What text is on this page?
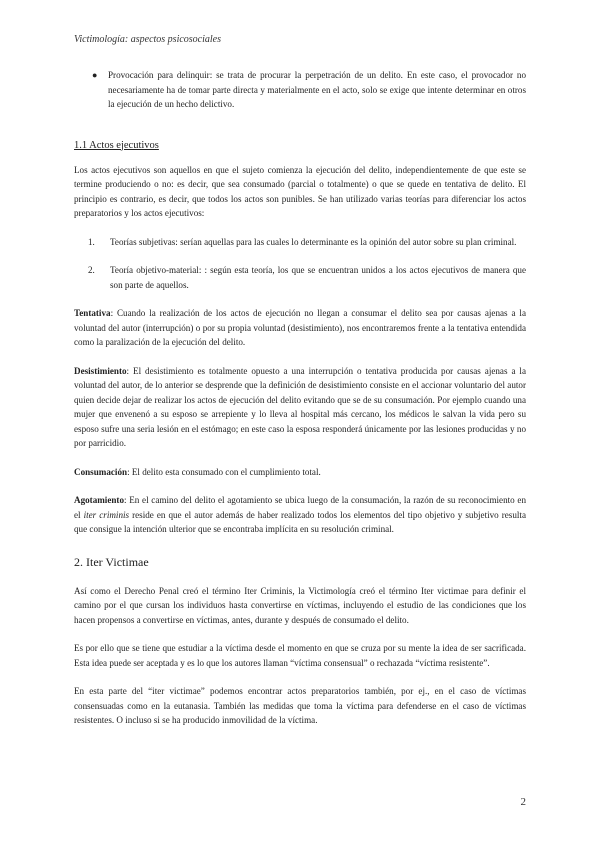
Victimología: aspectos psicosociales
●	Provocación para delinquir: se trata de procurar la perpetración de un delito. En este caso, el provocador no necesariamente ha de tomar parte directa y materialmente en el acto, solo se exige que intente determinar en otros la ejecución de un hecho delictivo.

1.1 Actos ejecutivos

Los actos ejecutivos son aquellos en que el sujeto comienza la ejecución del delito, independientemente de que este se termine produciendo o no: es decir, que sea consumado (parcial o totalmente) o que se quede en tentativa de delito. El principio es contrario, es decir, que todos los actos son punibles. Se han utilizado varias teorías para diferenciar los actos preparatorios y los actos ejecutivos:

1.	Teorías subjetivas: serían aquellas para las cuales lo determinante es la opinión del autor sobre su plan criminal.

2.	Teoría objetivo-material: : según esta teoría, los que se encuentran unidos a los actos ejecutivos de manera que son parte de aquellos.

Tentativa: Cuando la realización de los actos de ejecución no llegan a consumar el delito sea por causas ajenas a la voluntad del autor (interrupción) o por su propia voluntad (desistimiento), nos encontraremos frente a la tentativa entendida como la paralización de la ejecución del delito.

Desistimiento: El desistimiento es totalmente opuesto a una interrupción o tentativa producida por causas ajenas a la voluntad del autor, de lo anterior se desprende que la definición de desistimiento consiste en el accionar voluntario del autor quien decide dejar de realizar los actos de ejecución del delito evitando que se de su consumación. Por ejemplo cuando una mujer que envenenó a su esposo se arrepiente y lo lleva al hospital más cercano, los médicos le salvan la vida pero su esposo sufre una seria lesión en el estómago; en este caso la esposa responderá únicamente por las lesiones producidas y no por parricidio.

Consumación: El delito esta consumado con el cumplimiento total.

Agotamiento: En el camino del delito el agotamiento se ubica luego de la consumación, la razón de su reconocimiento en el iter criminis reside en que el autor además de haber realizado todos los elementos del tipo objetivo y subjetivo resulta que consigue la intención ulterior que se encontraba implícita en su resolución criminal.

2. Iter Victimae

Así como el Derecho Penal creó el término Iter Criminis, la Victimología creó el término Iter victimae para definir el camino por el que cursan los individuos hasta convertirse en víctimas, incluyendo el estudio de las condiciones que los hacen propensos a convertirse en víctimas, antes, durante y después de consumado el delito.

Es por ello que se tiene que estudiar a la víctima desde el momento en que se cruza por su mente la idea de ser sacrificada. Esta idea puede ser aceptada y es lo que los autores llaman “víctima consensual” o rechazada “víctima resistente”.

En esta parte del “iter victimae” podemos encontrar actos preparatorios también, por ej., en el caso de víctimas consensuadas como en la eutanasia. También las medidas que toma la víctima para defenderse en el caso de víctimas resistentes. O incluso si se ha producido inmovilidad de la víctima.

2
